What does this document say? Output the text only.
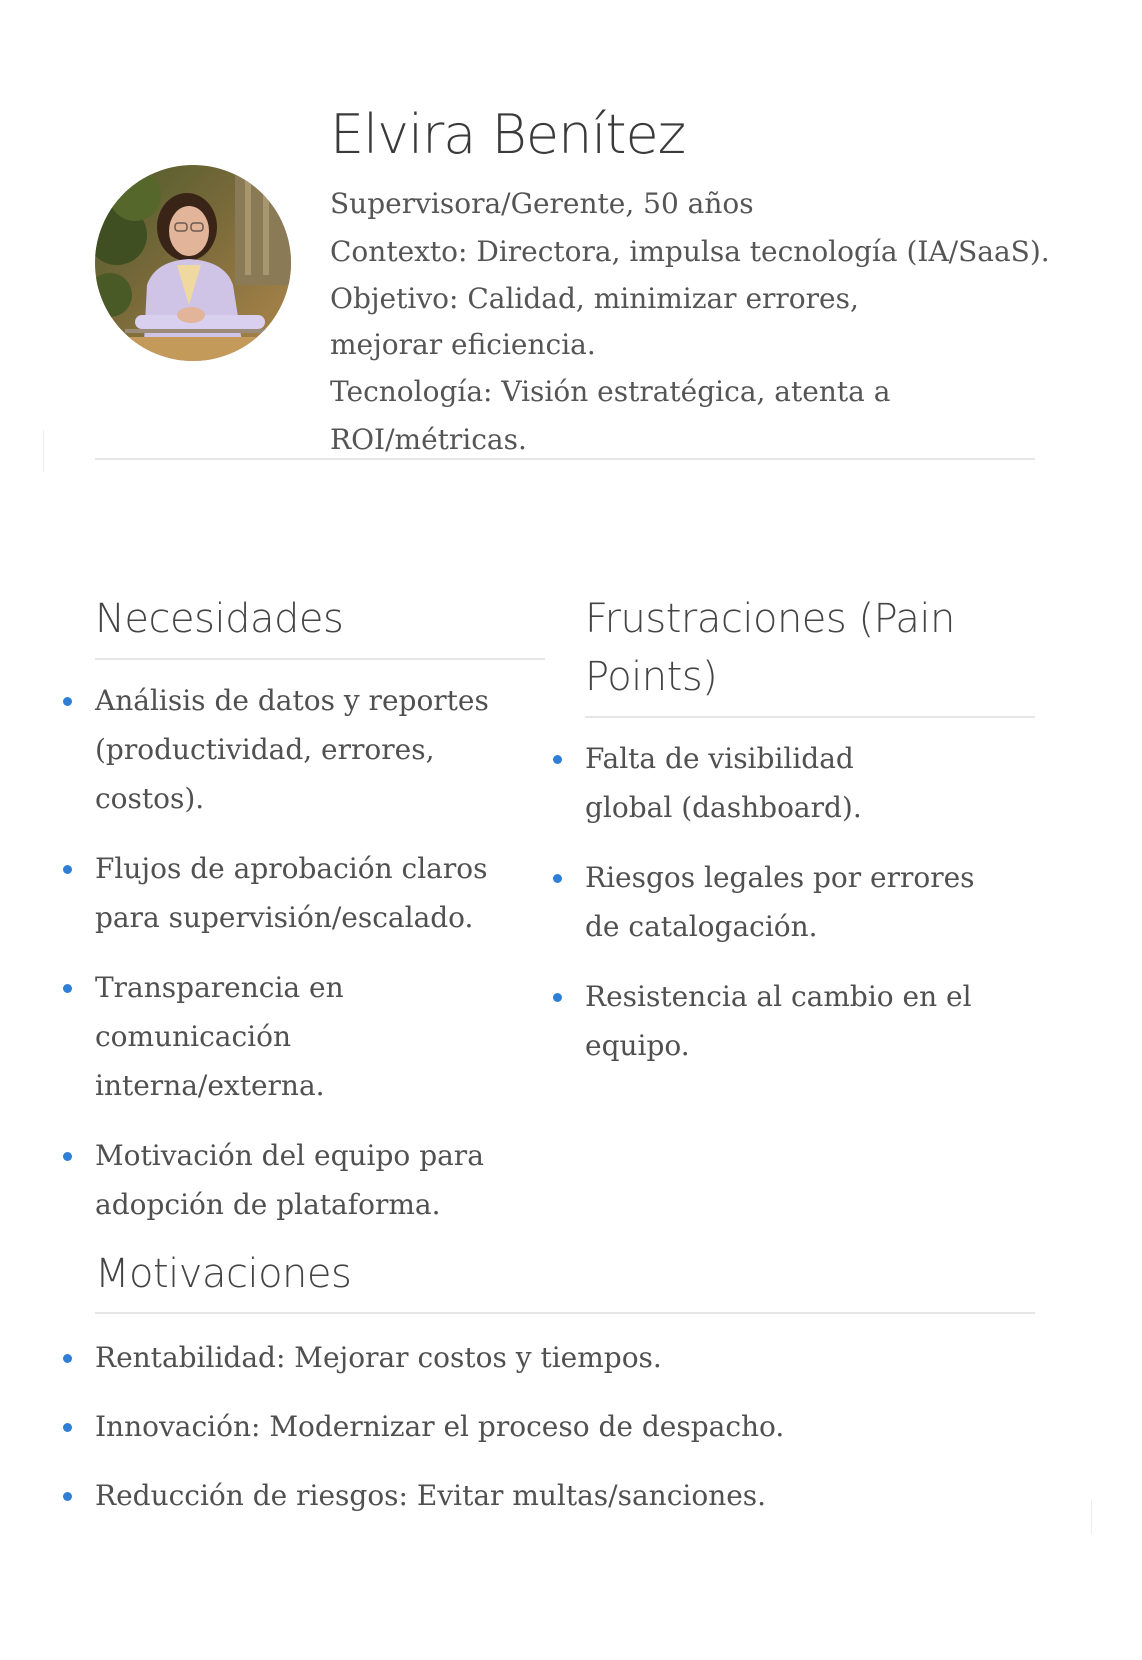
Elvira Benítez

Supervisora/Gerente, 50 años

Contexto: Directora, impulsa tecnología (IA/SaaS).

Objetivo: Calidad, minimizar errores, mejorar eficiencia.

Tecnología: Visión estratégica, atenta a ROI/métricas.

Necesidades
Análisis de datos y reportes (productividad, errores, costos).
Flujos de aprobación claros para supervisión/escalado.
Transparencia en comunicación interna/externa.
Motivación del equipo para adopción de plataforma.
Frustraciones (Pain Points)
Falta de visibilidad global (dashboard).
Riesgos legales por errores de catalogación.
Resistencia al cambio en el equipo.
Motivaciones
Rentabilidad: Mejorar costos y tiempos.
Innovación: Modernizar el proceso de despacho.
Reducción de riesgos: Evitar multas/sanciones.
